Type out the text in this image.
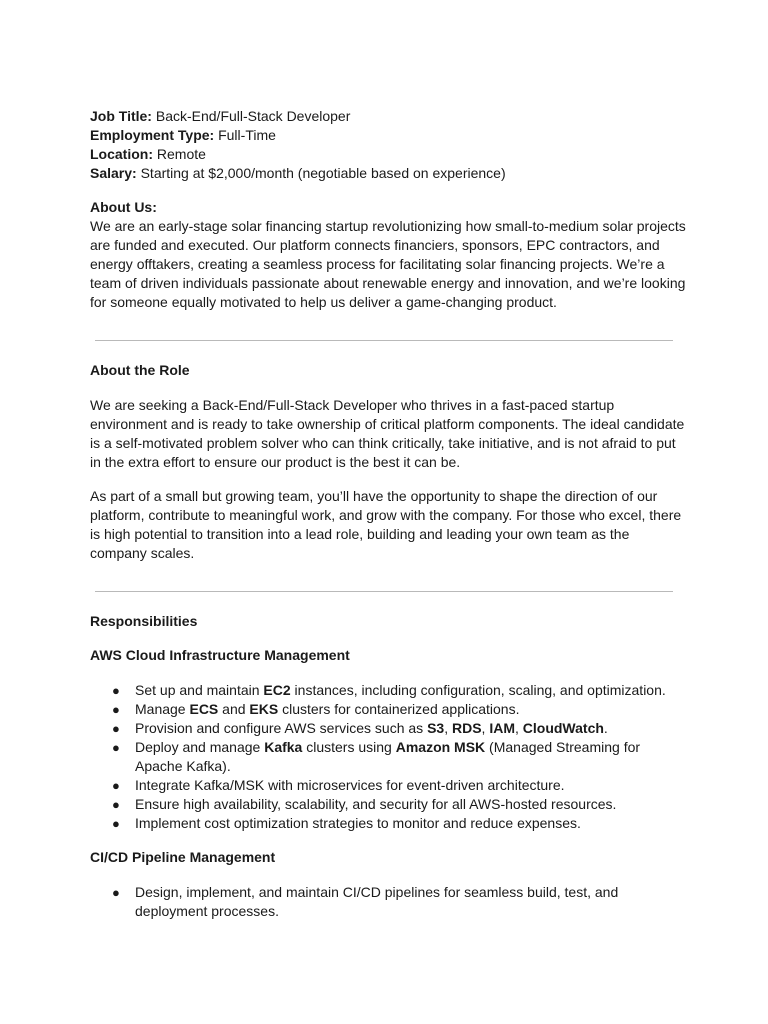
Job Title: Back-End/Full-Stack Developer
Employment Type: Full-Time
Location: Remote
Salary: Starting at $2,000/month (negotiable based on experience)

About Us:

We are an early-stage solar financing startup revolutionizing how small-to-medium solar projects are funded and executed. Our platform connects financiers, sponsors, EPC contractors, and energy offtakers, creating a seamless process for facilitating solar financing projects. We’re a team of driven individuals passionate about renewable energy and innovation, and we’re looking for someone equally motivated to help us deliver a game-changing product.

About the Role

We are seeking a Back-End/Full-Stack Developer who thrives in a fast-paced startup environment and is ready to take ownership of critical platform components. The ideal candidate is a self-motivated problem solver who can think critically, take initiative, and is not afraid to put in the extra effort to ensure our product is the best it can be.

As part of a small but growing team, you’ll have the opportunity to shape the direction of our platform, contribute to meaningful work, and grow with the company. For those who excel, there is high potential to transition into a lead role, building and leading your own team as the company scales.

Responsibilities

AWS Cloud Infrastructure Management

● Set up and maintain EC2 instances, including configuration, scaling, and optimization.
● Manage ECS and EKS clusters for containerized applications.
● Provision and configure AWS services such as S3, RDS, IAM, CloudWatch.
● Deploy and manage Kafka clusters using Amazon MSK (Managed Streaming for Apache Kafka).
● Integrate Kafka/MSK with microservices for event-driven architecture.
● Ensure high availability, scalability, and security for all AWS-hosted resources.
● Implement cost optimization strategies to monitor and reduce expenses.

CI/CD Pipeline Management

● Design, implement, and maintain CI/CD pipelines for seamless build, test, and deployment processes.
